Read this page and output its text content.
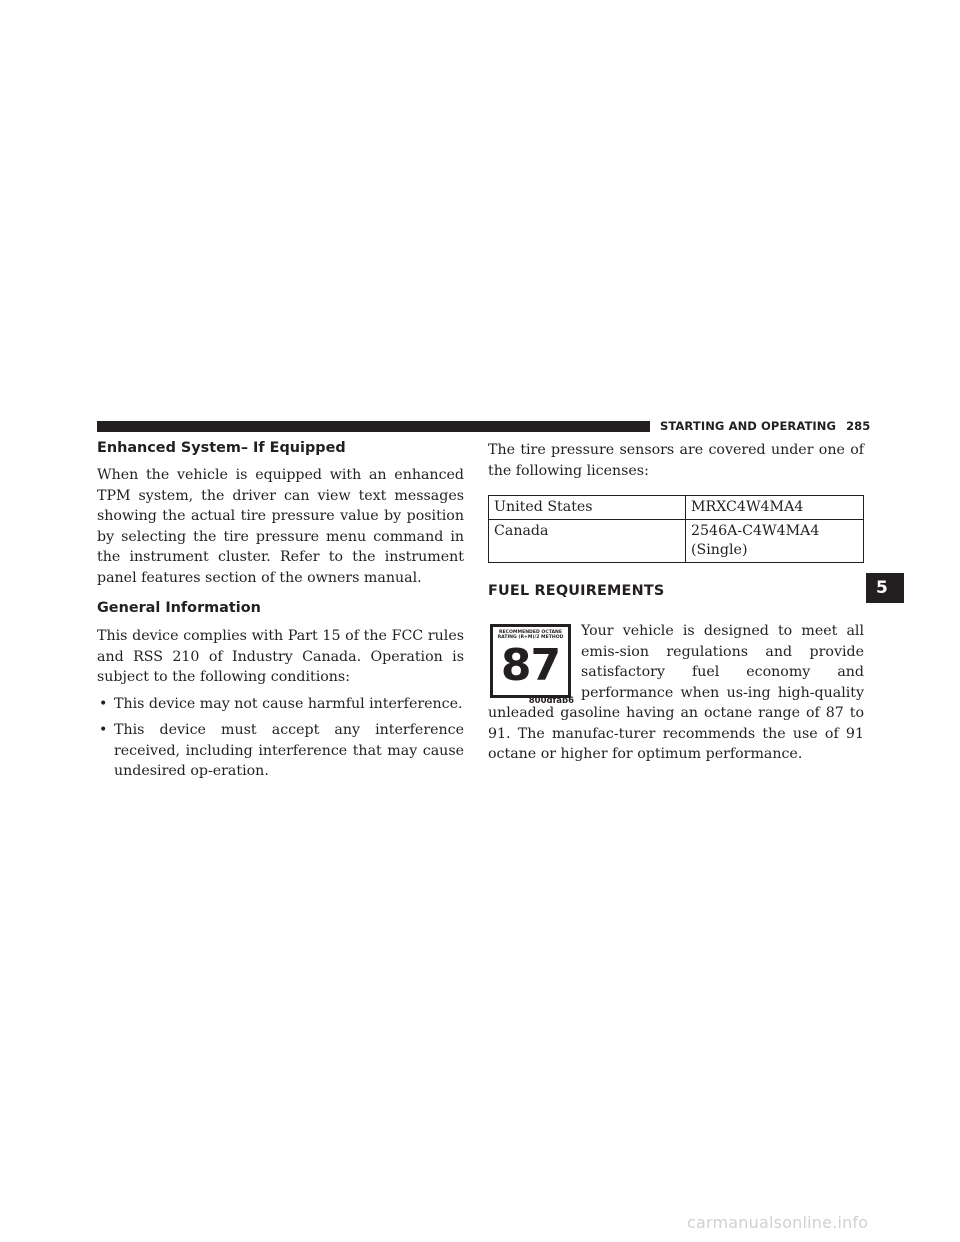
STARTING AND OPERATING 285
Enhanced System– If Equipped

When the vehicle is equipped with an enhanced TPM system, the driver can view text messages showing the actual tire pressure value by position by selecting the tire pressure menu command in the instrument cluster. Refer to the instrument panel features section of the owners manual.

General Information

This device complies with Part 15 of the FCC rules and RSS 210 of Industry Canada. Operation is subject to the following conditions:

• This device may not cause harmful interference.
• This device must accept any interference received, including interference that may cause undesired op-eration.

The tire pressure sensors are covered under one of the following licenses:

United States	MRXC4W4MA4
Canada	2546A-C4W4MA4
(Single)
FUEL REQUIREMENTS
RECOMMENDED OCTANE RATING (R+M)/2 METHOD
87
800dfab6

Your vehicle is designed to meet all emis-sion regulations and provide satisfactory fuel economy and performance when us-ing high-quality unleaded gasoline having an octane range of 87 to 91. The manufac-turer recommends the use of 91 octane or higher for optimum performance.

5
carmanualsonline.info
